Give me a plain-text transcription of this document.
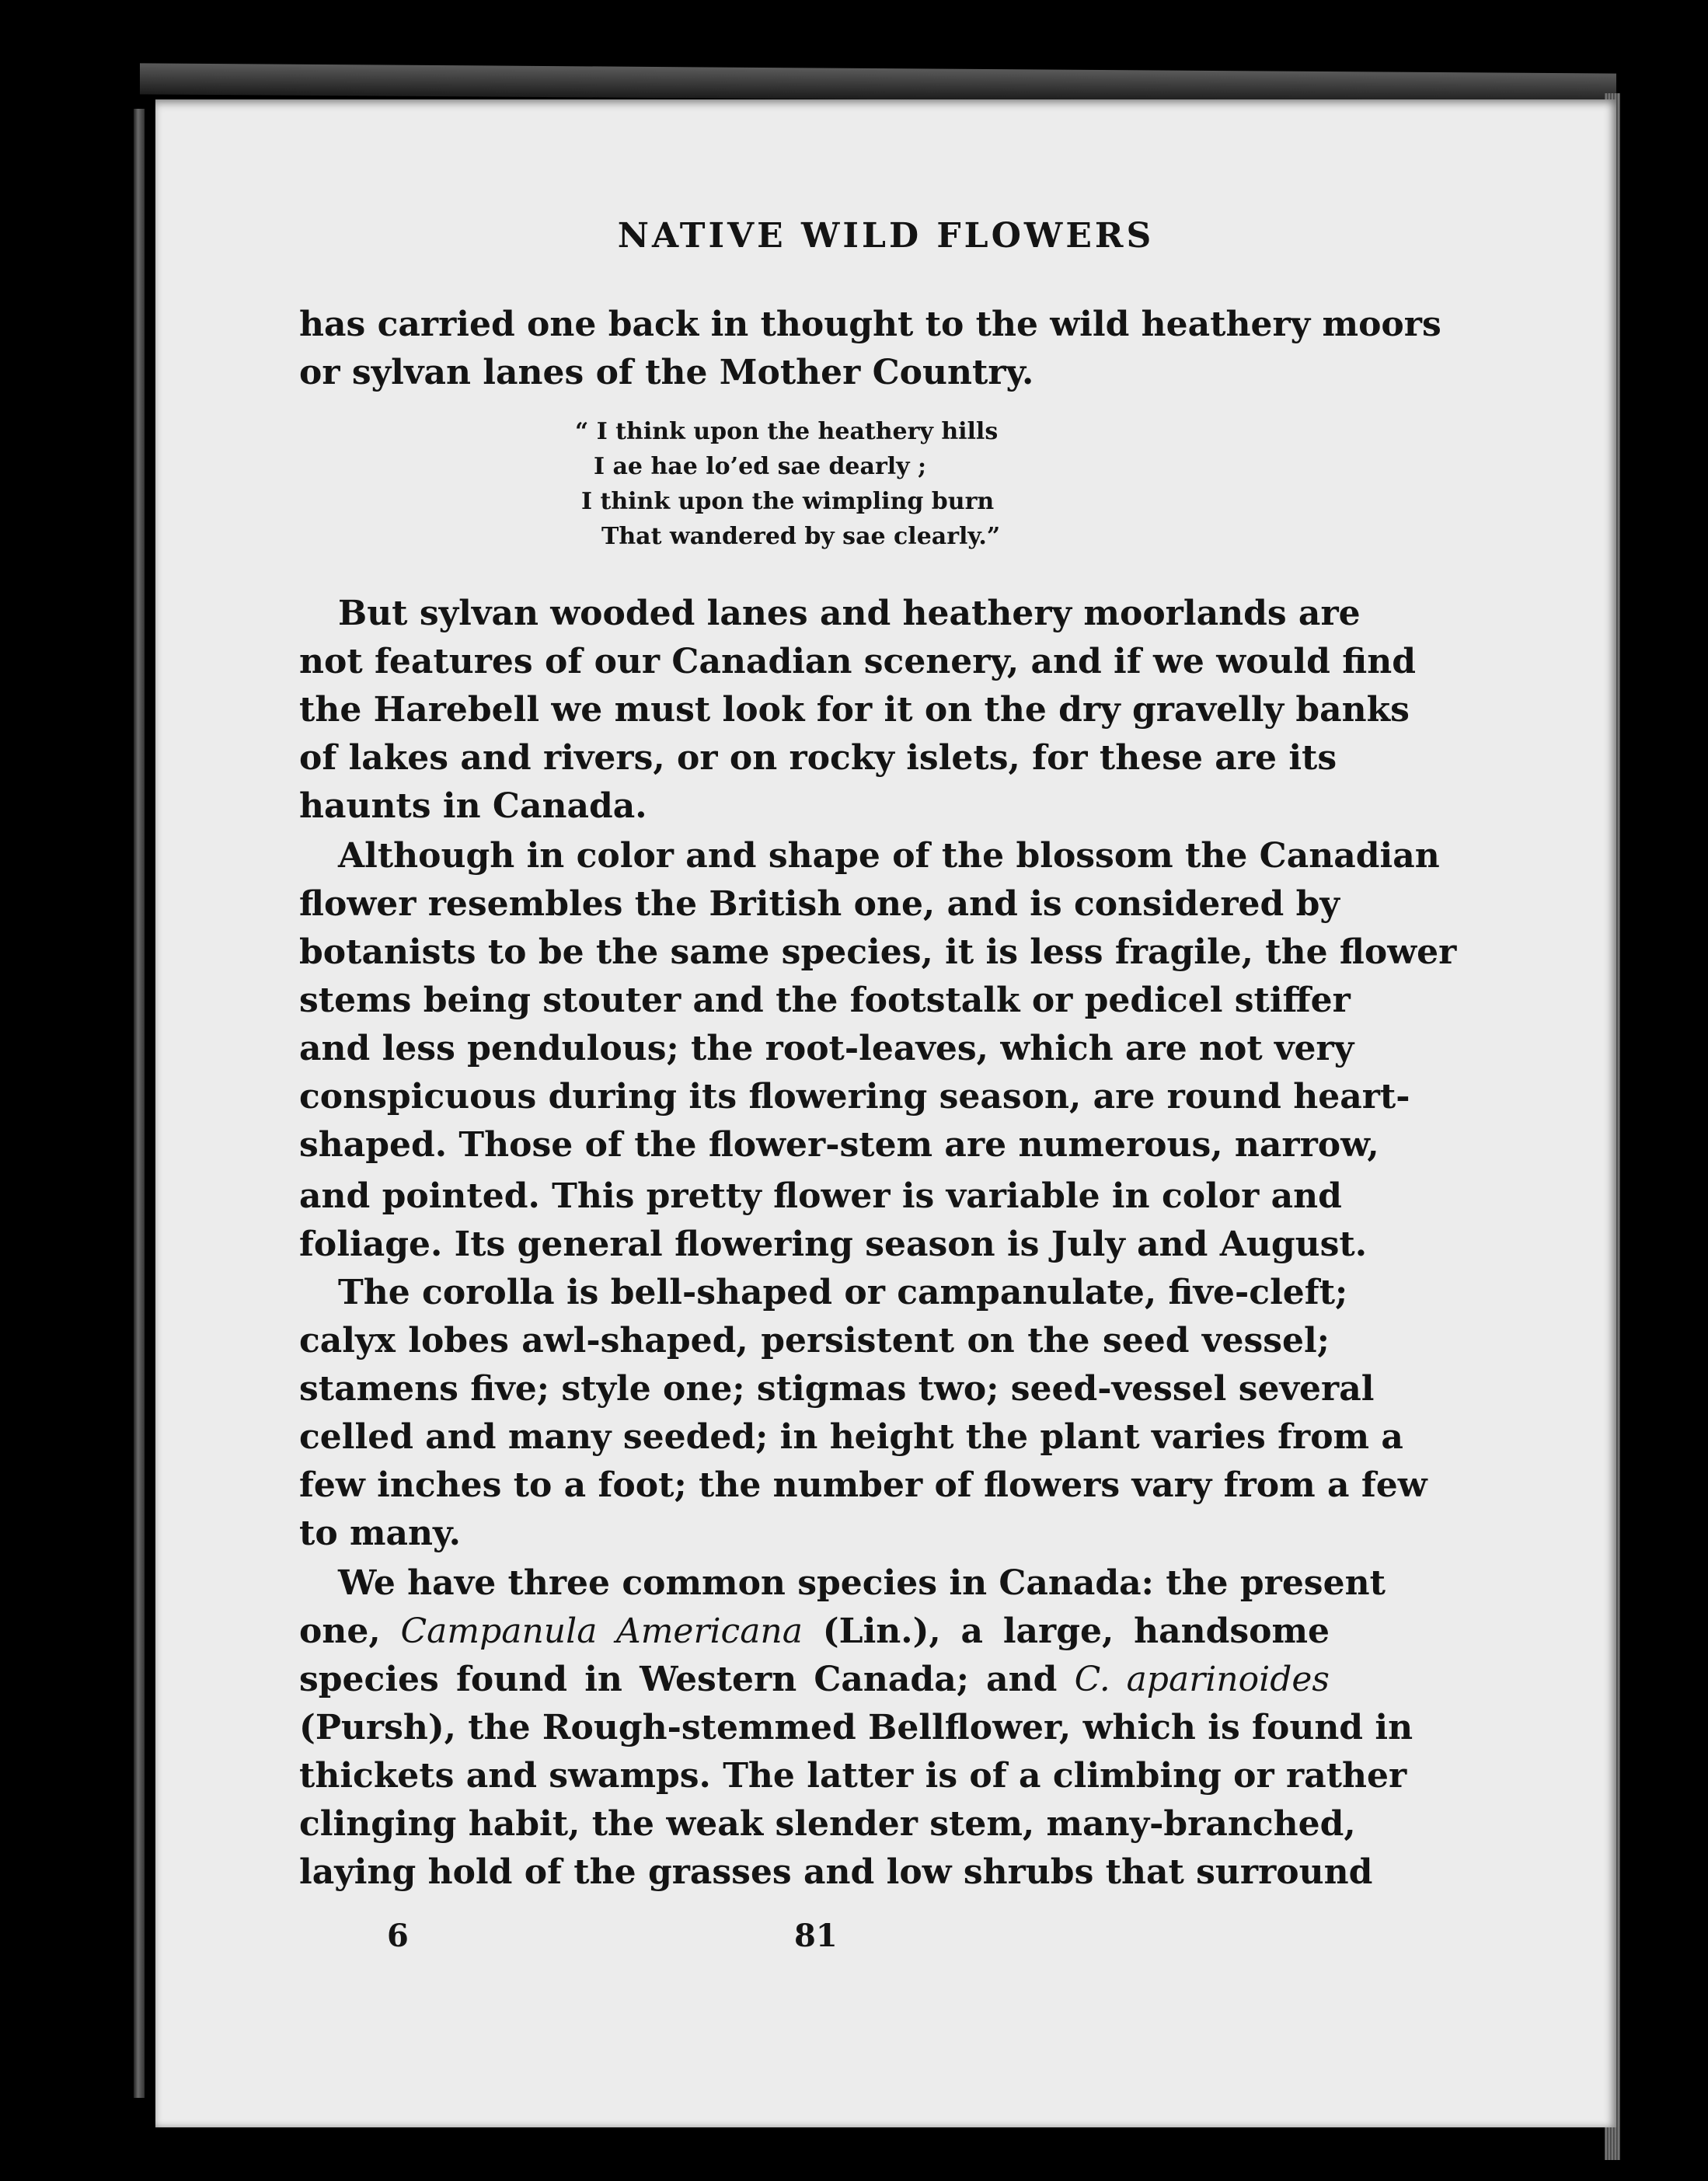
NATIVE WILD FLOWERS
has carried one back in thought to the wild heathery moors
or sylvan lanes of the Mother Country.
“ I think upon the heathery hills
I ae hae lo’ed sae dearly ;
I think upon the wimpling burn
That wandered by sae clearly.”
But sylvan wooded lanes and heathery moorlands are
not features of our Canadian scenery, and if we would find
the Harebell we must look for it on the dry gravelly banks
of lakes and rivers, or on rocky islets, for these are its
haunts in Canada.
Although in color and shape of the blossom the Canadian
flower resembles the British one, and is considered by
botanists to be the same species, it is less fragile, the flower
stems being stouter and the footstalk or pedicel stiffer
and less pendulous; the root-leaves, which are not very
conspicuous during its flowering season, are round heart-
shaped. Those of the flower-stem are numerous, narrow,
and pointed. This pretty flower is variable in color and
foliage. Its general flowering season is July and August.
The corolla is bell-shaped or campanulate, five-cleft;
calyx lobes awl-shaped, persistent on the seed vessel;
stamens five; style one; stigmas two; seed-vessel several
celled and many seeded; in height the plant varies from a
few inches to a foot; the number of flowers vary from a few
to many.
We have three common species in Canada: the present
one, Campanula Americana (Lin.), a large, handsome
species found in Western Canada; and C. aparinoides
(Pursh), the Rough-stemmed Bellflower, which is found in
thickets and swamps. The latter is of a climbing or rather
clinging habit, the weak slender stem, many-branched,
laying hold of the grasses and low shrubs that surround
6	81
